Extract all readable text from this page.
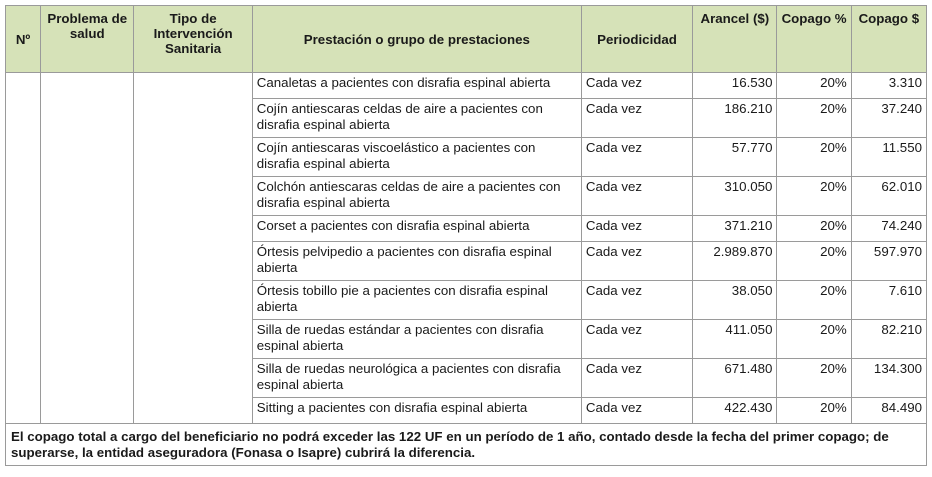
Nº	Problema de salud	Tipo de Intervención Sanitaria	Prestación o grupo de prestaciones	Periodicidad	Arancel ($)	Copago %	Copago $
			Canaletas a pacientes con disrafia espinal abierta	Cada vez	16.530	20%	3.310
			Cojín antiescaras celdas de aire a pacientes con disrafia espinal abierta	Cada vez	186.210	20%	37.240
			Cojín antiescaras viscoelástico a pacientes con disrafia espinal abierta	Cada vez	57.770	20%	11.550
			Colchón antiescaras celdas de aire a pacientes con disrafia espinal abierta	Cada vez	310.050	20%	62.010
			Corset a pacientes con disrafia espinal abierta	Cada vez	371.210	20%	74.240
			Órtesis pelvipedio a pacientes con disrafia espinal abierta	Cada vez	2.989.870	20%	597.970
			Órtesis tobillo pie a pacientes con disrafia espinal abierta	Cada vez	38.050	20%	7.610
			Silla de ruedas estándar a pacientes con disrafia espinal abierta	Cada vez	411.050	20%	82.210
			Silla de ruedas neurológica a pacientes con disrafia espinal abierta	Cada vez	671.480	20%	134.300
			Sitting a pacientes con disrafia espinal abierta	Cada vez	422.430	20%	84.490
El copago total a cargo del beneficiario no podrá exceder las 122 UF en un período de 1 año, contado desde la fecha del primer copago; de superarse, la entidad aseguradora (Fonasa o Isapre) cubrirá la diferencia.							
